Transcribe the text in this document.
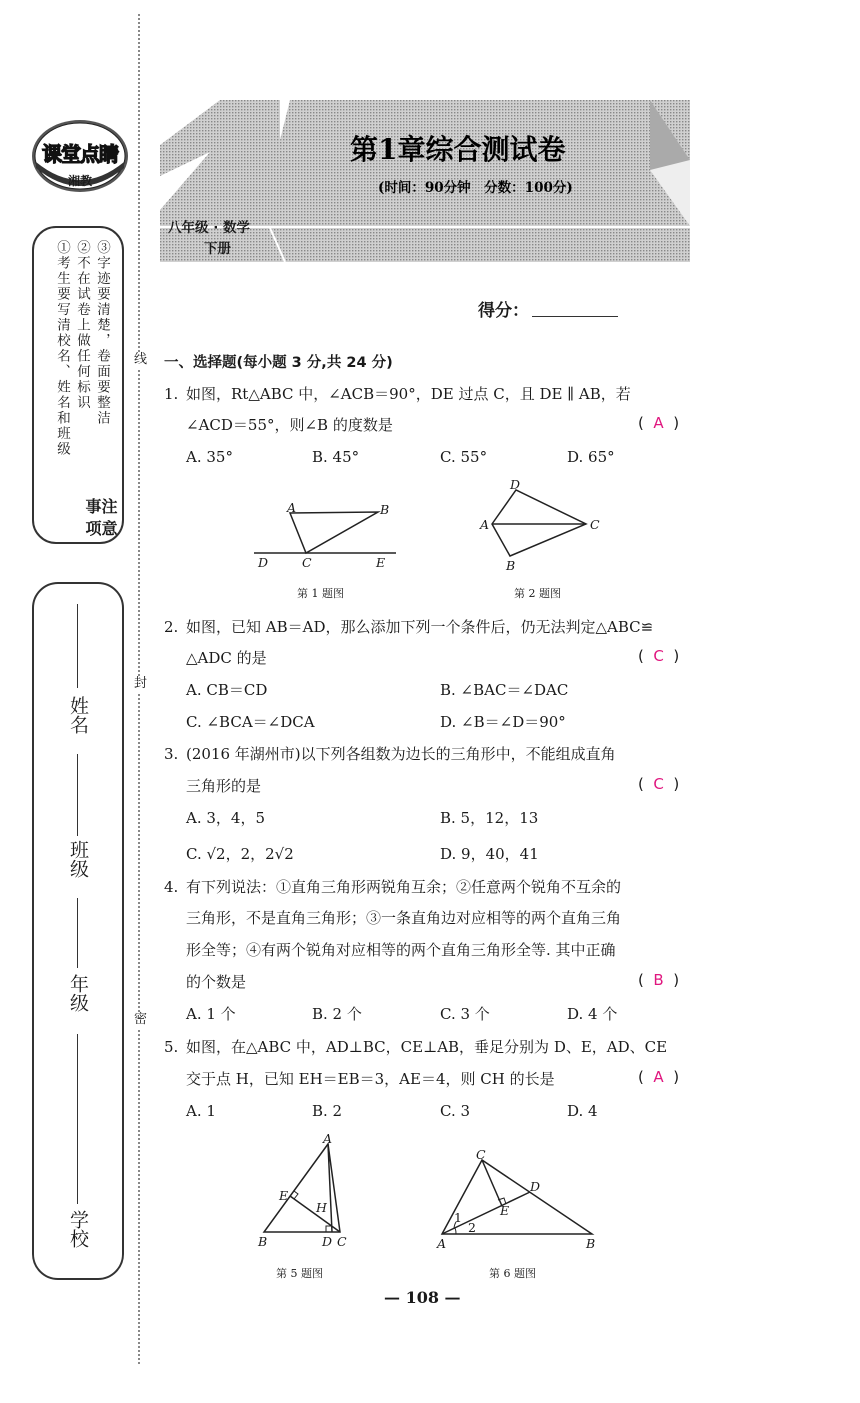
线
封
密
课堂点睛
湘教
注意事项
①考生要写清校名、姓名和班级 ②不在试卷上做任何标识 ③字迹要清楚，卷面要整洁
姓名
班级
年级
学校
第1章综合测试卷
(时间：90分钟　分数：100分)
八年级 · 数学
下册
得分：
一、选择题(每小题 3 分,共 24 分)
1. 如图，Rt△ABC 中，∠ACB＝90°，DE 过点 C，且 DE ∥ AB，若
∠ACD＝55°，则∠B 的度数是	(  A  )
A. 35°	B. 45°	C. 55°	D. 65°
A	B
C
D	E
第 1 题图
D
A	C
B
第 2 题图
2. 如图，已知 AB＝AD，那么添加下列一个条件后，仍无法判定△ABC≌
△ADC 的是	(  C  )
A. CB＝CD	B. ∠BAC＝∠DAC
C. ∠BCA＝∠DCA	D. ∠B＝∠D＝90°
3. (2016 年湖州市)以下列各组数为边长的三角形中，不能组成直角
三角形的是	(  C  )
A. 3，4，5	B. 5，12，13
C. √2，2，2√2	D. 9，40，41
4. 有下列说法：①直角三角形两锐角互余；②任意两个锐角不互余的
三角形，不是直角三角形；③一条直角边对应相等的两个直角三角
形全等；④有两个锐角对应相等的两个直角三角形全等. 其中正确
的个数是	(  B  )
A. 1 个	B. 2 个	C. 3 个	D. 4 个
5. 如图，在△ABC 中，AD⊥BC，CE⊥AB，垂足分别为 D、E，AD、CE
交于点 H，已知 EH＝EB＝3，AE＝4，则 CH 的长是	(  A  )
A. 1	B. 2	C. 3	D. 4
A
E
H
B	D C
第 5 题图
C
D
E
1
2
A	B
第 6 题图
— 108 —
